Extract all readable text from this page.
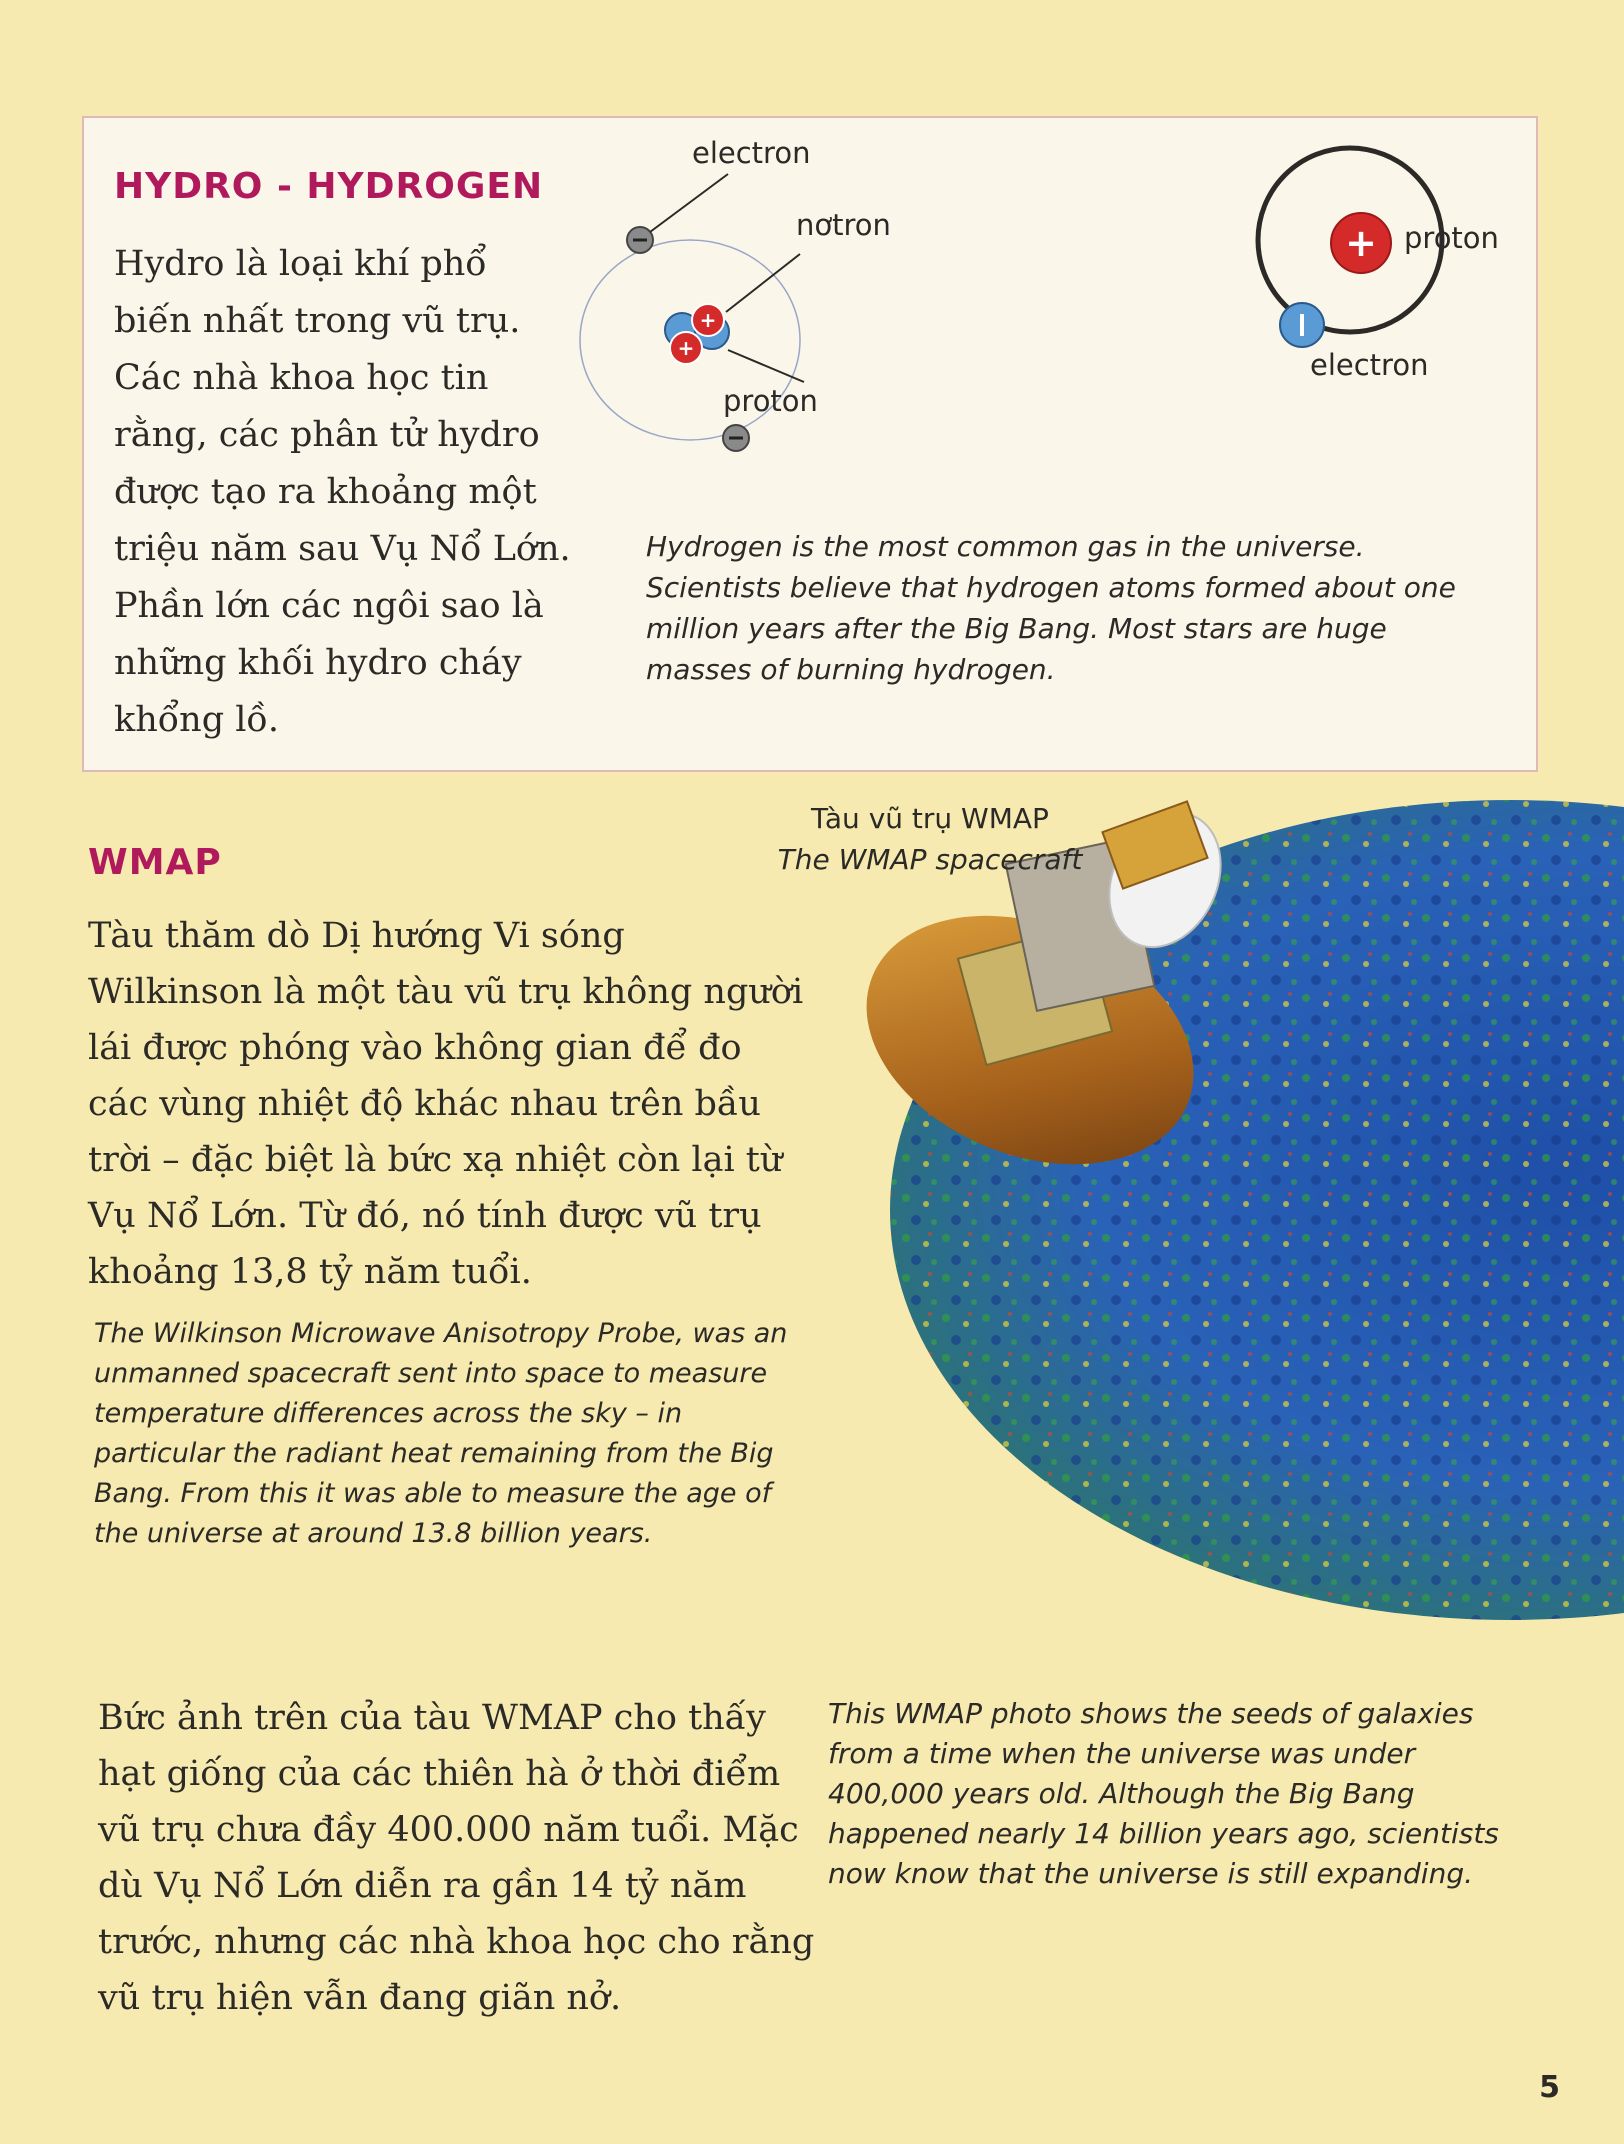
HYDRO - HYDROGEN
Hydro là loại khí phổ biến nhất trong vũ trụ. Các nhà khoa học tin rằng, các phân tử hydro được tạo ra khoảng một triệu năm sau Vụ Nổ Lớn. Phần lớn các ngôi sao là những khối hydro cháy khổng lồ.
Hydrogen is the most common gas in the universe. Scientists believe that hydrogen atoms formed about one million years after the Big Bang. Most stars are huge masses of burning hydrogen.
+
+
electron
nơtron
proton
+ proton
electron
WMAP
Tàu thăm dò Dị hướng Vi sóng Wilkinson là một tàu vũ trụ không người lái được phóng vào không gian để đo các vùng nhiệt độ khác nhau trên bầu trời – đặc biệt là bức xạ nhiệt còn lại từ Vụ Nổ Lớn. Từ đó, nó tính được vũ trụ khoảng 13,8 tỷ năm tuổi.
The Wilkinson Microwave Anisotropy Probe, was an unmanned spacecraft sent into space to measure temperature differences across the sky – in particular the radiant heat remaining from the Big Bang. From this it was able to measure the age of the universe at around 13.8 billion years.
Tàu vũ trụ WMAP
The WMAP spacecraft
Bức ảnh trên của tàu WMAP cho thấy hạt giống của các thiên hà ở thời điểm vũ trụ chưa đầy 400.000 năm tuổi. Mặc dù Vụ Nổ Lớn diễn ra gần 14 tỷ năm trước, nhưng các nhà khoa học cho rằng vũ trụ hiện vẫn đang giãn nở.
This WMAP photo shows the seeds of galaxies from a time when the universe was under 400,000 years old. Although the Big Bang happened nearly 14 billion years ago, scientists now know that the universe is still expanding.
5
